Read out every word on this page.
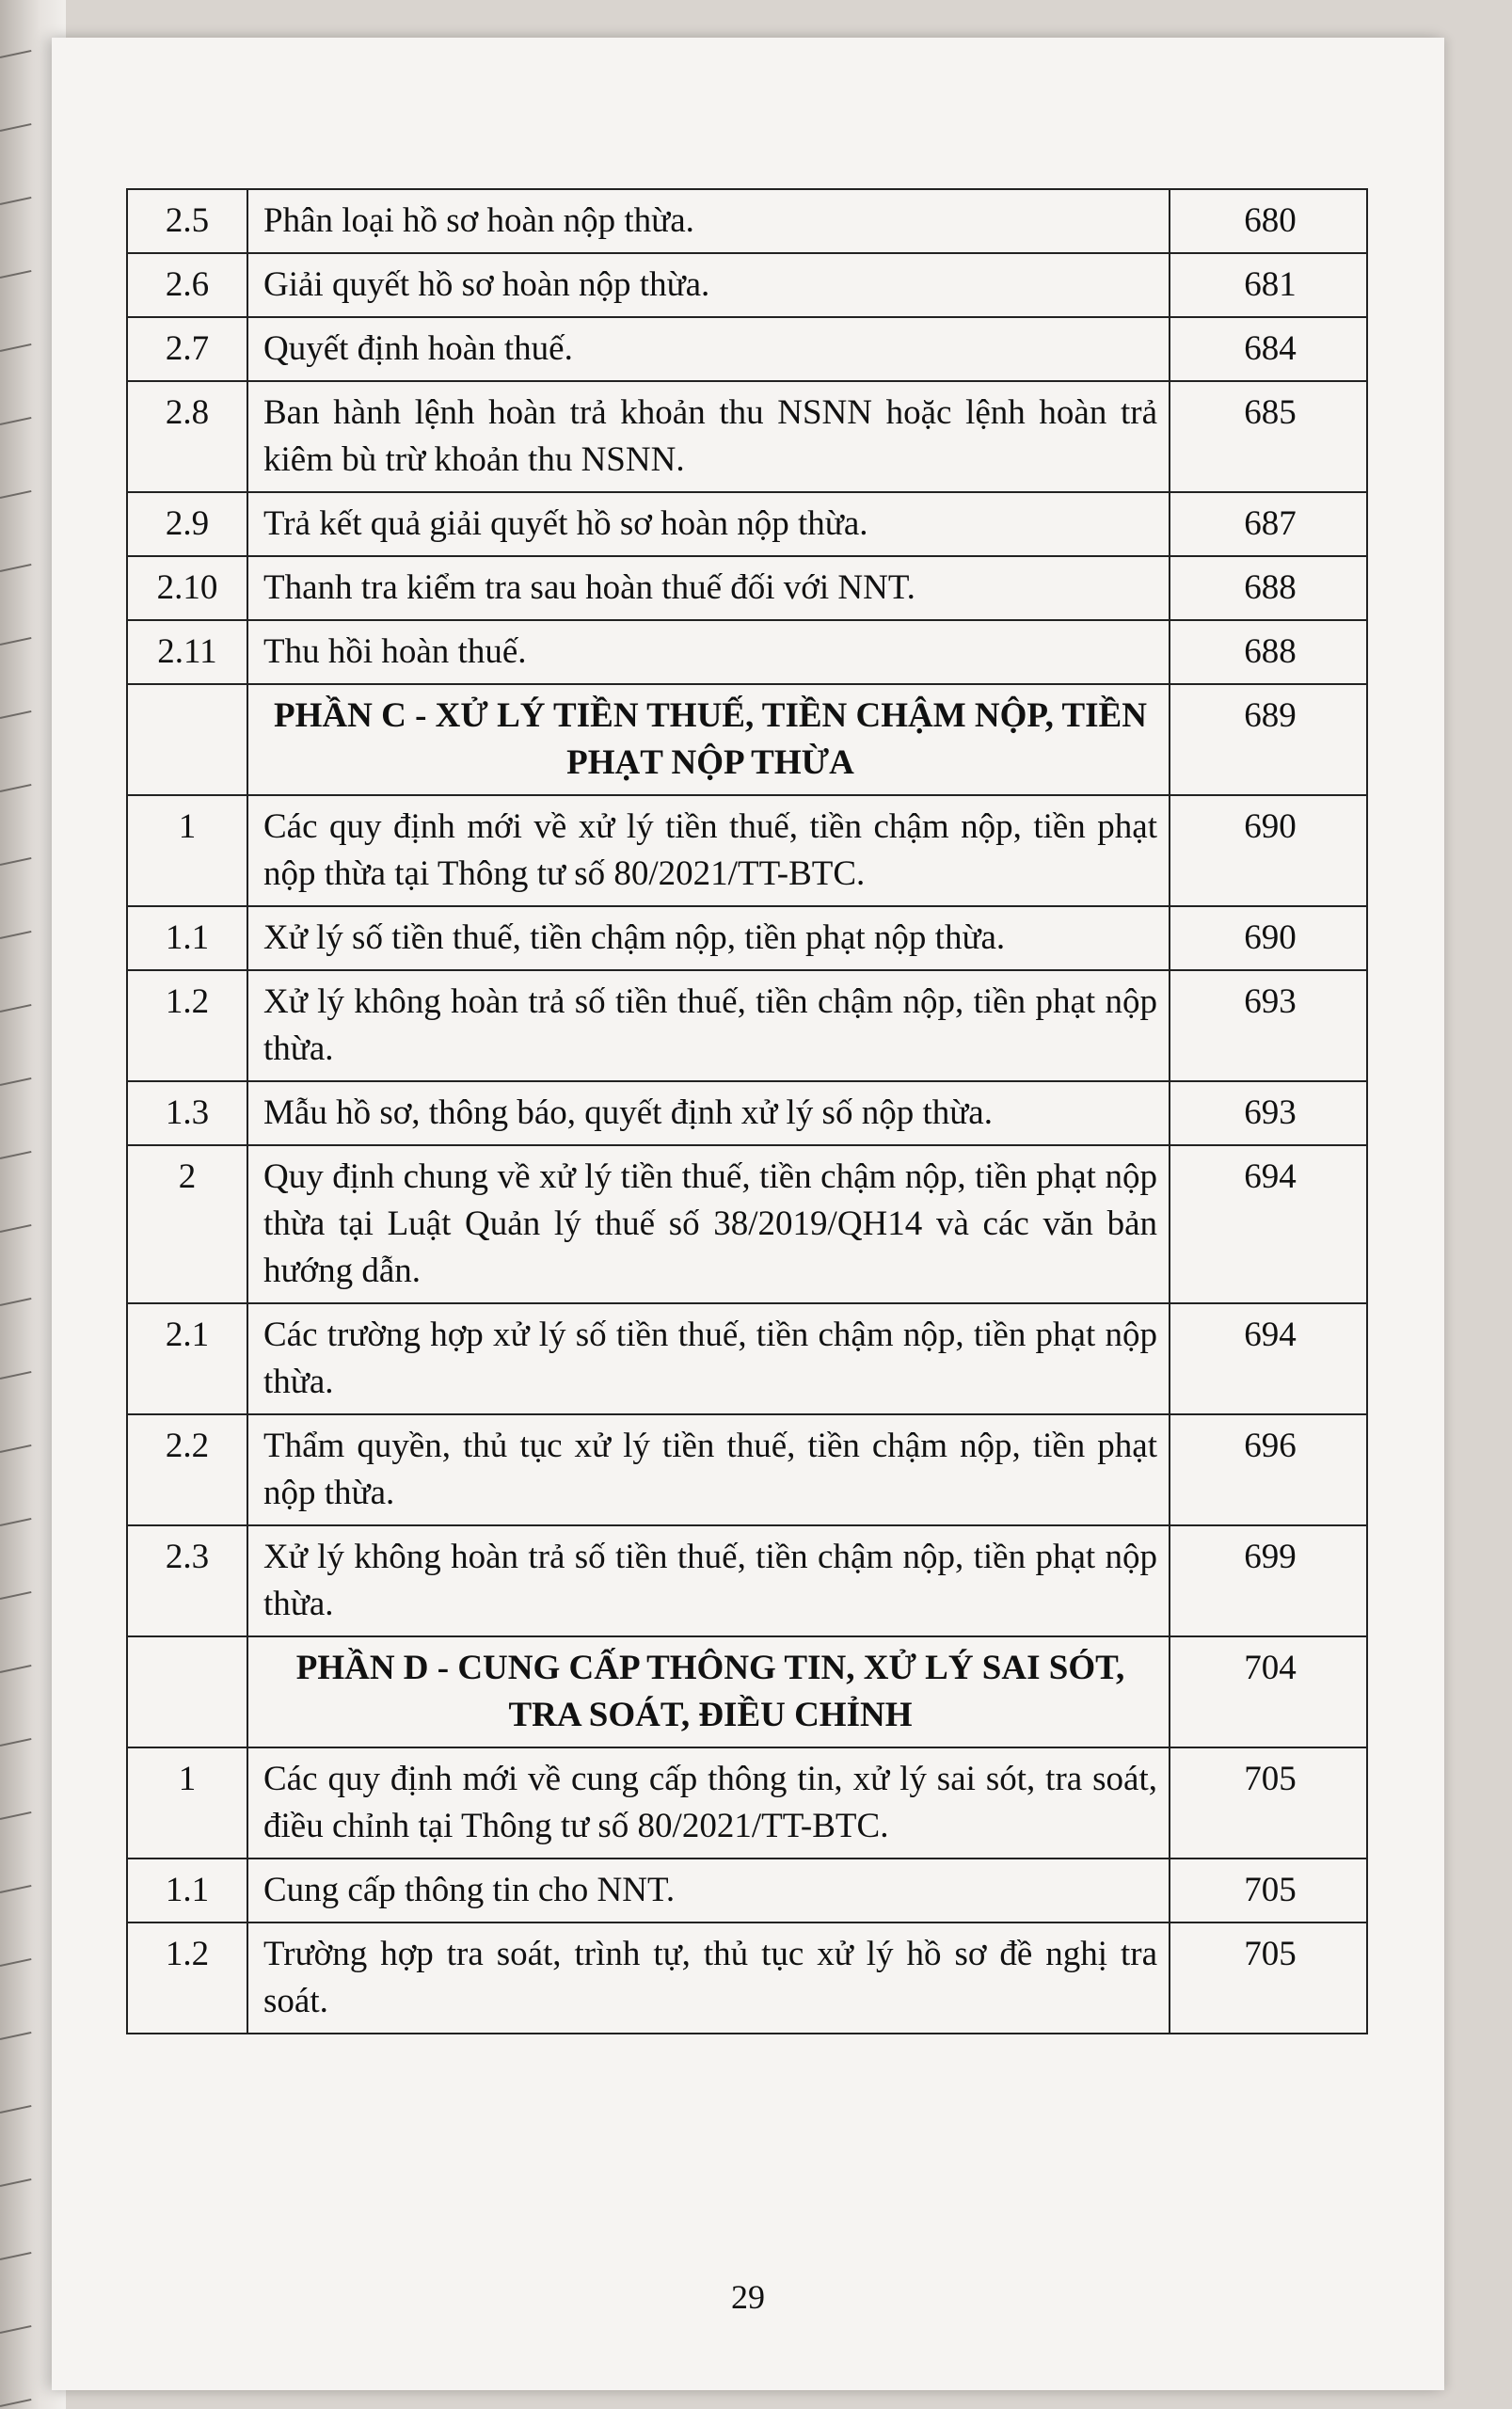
2.5	Phân loại hồ sơ hoàn nộp thừa.	680
2.6	Giải quyết hồ sơ hoàn nộp thừa.	681
2.7	Quyết định hoàn thuế.	684
2.8	Ban hành lệnh hoàn trả khoản thu NSNN hoặc lệnh hoàn trả kiêm bù trừ khoản thu NSNN.	685
2.9	Trả kết quả giải quyết hồ sơ hoàn nộp thừa.	687
2.10	Thanh tra kiểm tra sau hoàn thuế đối với NNT.	688
2.11	Thu hồi hoàn thuế.	688
	PHẦN C - XỬ LÝ TIỀN THUẾ, TIỀN CHẬM NỘP, TIỀN PHẠT NỘP THỪA	689
1	Các quy định mới về xử lý tiền thuế, tiền chậm nộp, tiền phạt nộp thừa tại Thông tư số 80/2021/TT-BTC.	690
1.1	Xử lý số tiền thuế, tiền chậm nộp, tiền phạt nộp thừa.	690
1.2	Xử lý không hoàn trả số tiền thuế, tiền chậm nộp, tiền phạt nộp thừa.	693
1.3	Mẫu hồ sơ, thông báo, quyết định xử lý số nộp thừa.	693
2	Quy định chung về xử lý tiền thuế, tiền chậm nộp, tiền phạt nộp thừa tại Luật Quản lý thuế số 38/2019/QH14 và các văn bản hướng dẫn.	694
2.1	Các trường hợp xử lý số tiền thuế, tiền chậm nộp, tiền phạt nộp thừa.	694
2.2	Thẩm quyền, thủ tục xử lý tiền thuế, tiền chậm nộp, tiền phạt nộp thừa.	696
2.3	Xử lý không hoàn trả số tiền thuế, tiền chậm nộp, tiền phạt nộp thừa.	699
	PHẦN D - CUNG CẤP THÔNG TIN, XỬ LÝ SAI SÓT, TRA SOÁT, ĐIỀU CHỈNH	704
1	Các quy định mới về cung cấp thông tin, xử lý sai sót, tra soát, điều chỉnh tại Thông tư số 80/2021/TT-BTC.	705
1.1	Cung cấp thông tin cho NNT.	705
1.2	Trường hợp tra soát, trình tự, thủ tục xử lý hồ sơ đề nghị tra soát.	705
29
